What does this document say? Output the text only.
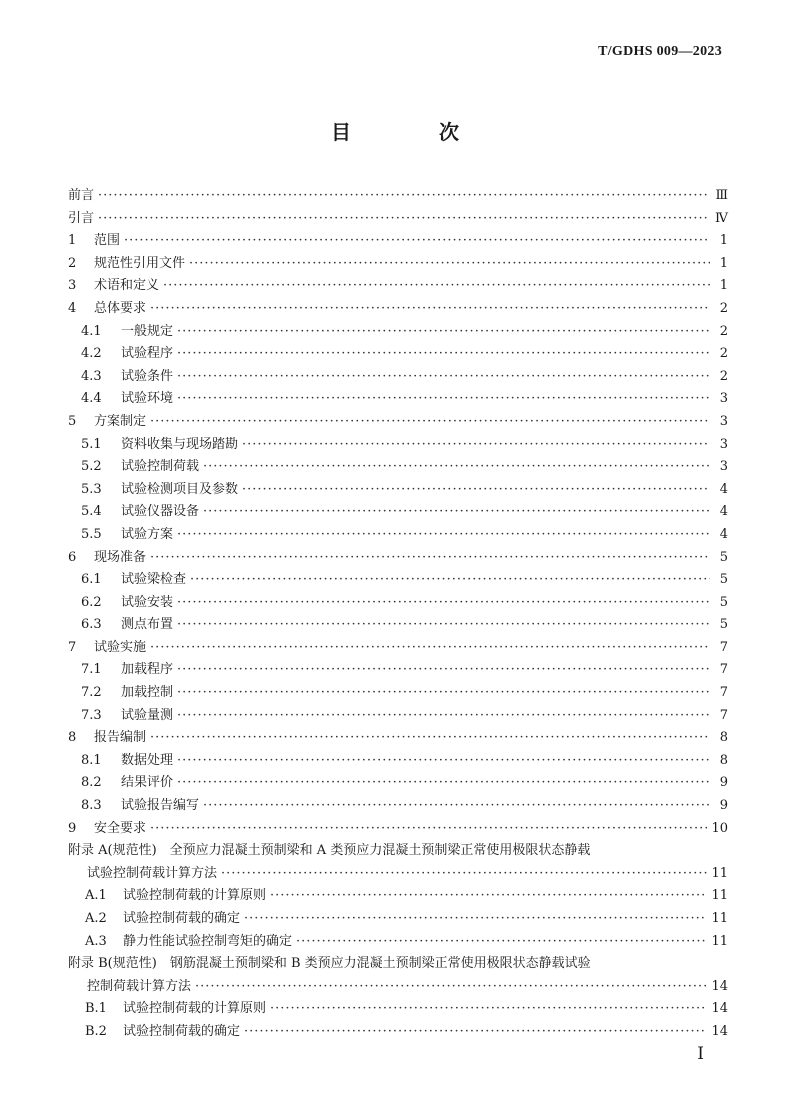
T/GDHS 009—2023
目　次
前言 ·····	Ⅲ
引言 ·····	Ⅳ
1	范围 ·····	1
2	规范性引用文件 ·····	1
3	术语和定义 ·····	1
4	总体要求 ·····	2
4.1	一般规定 ·····	2
4.2	试验程序 ·····	2
4.3	试验条件 ·····	2
4.4	试验环境 ·····	3
5	方案制定 ·····	3
5.1	资料收集与现场踏勘 ·····	3
5.2	试验控制荷载 ·····	3
5.3	试验检测项目及参数 ·····	4
5.4	试验仪器设备 ·····	4
5.5	试验方案 ·····	4
6	现场准备 ·····	5
6.1	试验梁检查 ·····	5
6.2	试验安装 ·····	5
6.3	测点布置 ·····	5
7	试验实施 ·····	7
7.1	加载程序 ·····	7
7.2	加载控制 ·····	7
7.3	试验量测 ·····	7
8	报告编制 ·····	8
8.1	数据处理 ·····	8
8.2	结果评价 ·····	9
8.3	试验报告编写 ·····	9
9	安全要求 ·····	10
附录 A(规范性)　全预应力混凝土预制梁和 A 类预应力混凝土预制梁正常使用极限状态静载
试验控制荷载计算方法 ·····	11
A.1	试验控制荷载的计算原则 ·····	11
A.2	试验控制荷载的确定 ·····	11
A.3	静力性能试验控制弯矩的确定 ·····	11
附录 B(规范性)　钢筋混凝土预制梁和 B 类预应力混凝土预制梁正常使用极限状态静载试验
控制荷载计算方法 ·····	14
B.1	试验控制荷载的计算原则 ·····	14
B.2	试验控制荷载的确定 ·····	14
Ⅰ
